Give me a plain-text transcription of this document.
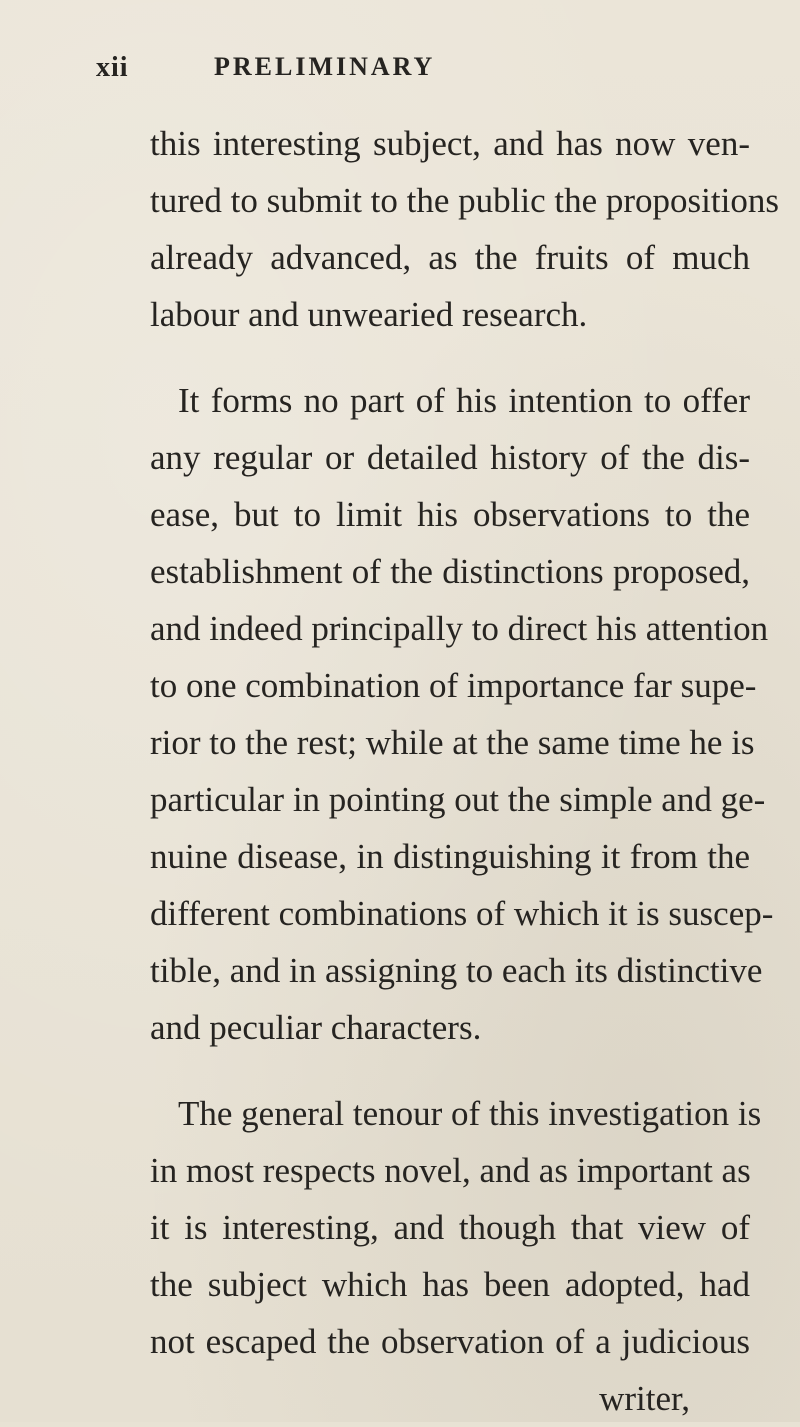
xii	PRELIMINARY
this interesting subject, and has now ven-
tured to submit to the public the propositions
already advanced, as the fruits of much
labour and unwearied research.
It forms no part of his intention to offer
any regular or detailed history of the dis-
ease, but to limit his observations to the
establishment of the distinctions proposed,
and indeed principally to direct his attention
to one combination of importance far supe-
rior to the rest; while at the same time he is
particular in pointing out the simple and ge-
nuine disease, in distinguishing it from the
different combinations of which it is suscep-
tible, and in assigning to each its distinctive
and peculiar characters.
The general tenour of this investigation is
in most respects novel, and as important as
it is interesting, and though that view of
the subject which has been adopted, had
not escaped the observation of a judicious
writer,
